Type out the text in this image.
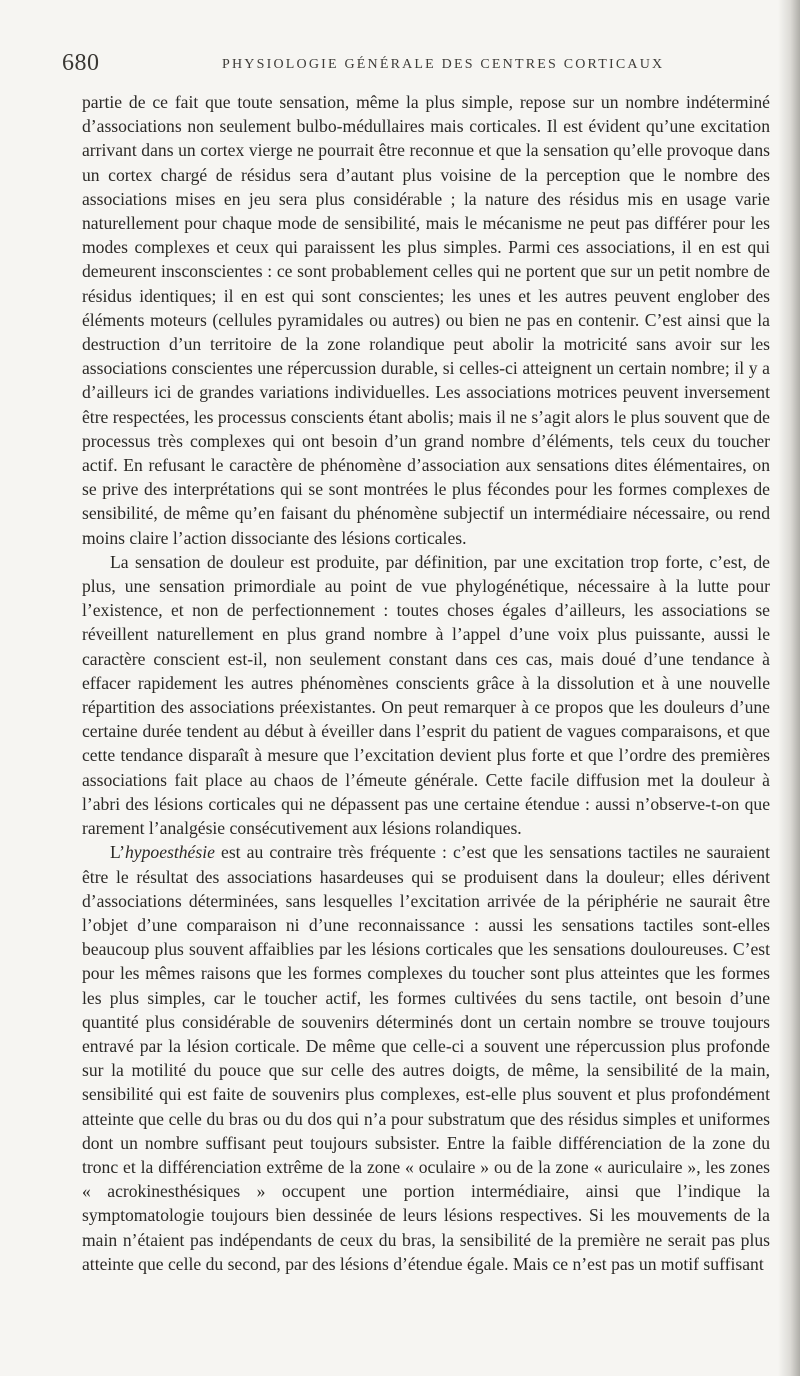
680	PHYSIOLOGIE GÉNÉRALE DES CENTRES CORTICAUX

partie de ce fait que toute sensation, même la plus simple, repose sur un nombre indéterminé d’associations non seulement bulbo-médullaires mais corticales. Il est évident qu’une excitation arrivant dans un cortex vierge ne pourrait être reconnue et que la sensation qu’elle provoque dans un cortex chargé de résidus sera d’autant plus voisine de la perception que le nombre des associations mises en jeu sera plus considérable ; la nature des résidus mis en usage varie naturellement pour chaque mode de sensibilité, mais le mécanisme ne peut pas différer pour les modes complexes et ceux qui paraissent les plus simples. Parmi ces associations, il en est qui demeurent insconscientes : ce sont probablement celles qui ne portent que sur un petit nombre de résidus identiques; il en est qui sont conscientes; les unes et les autres peuvent englober des éléments moteurs (cellules pyramidales ou autres) ou bien ne pas en contenir. C’est ainsi que la destruction d’un territoire de la zone rolandique peut abolir la motricité sans avoir sur les associations conscientes une répercussion durable, si celles-ci atteignent un certain nombre; il y a d’ailleurs ici de grandes variations individuelles. Les associations motrices peuvent inversement être respectées, les processus conscients étant abolis; mais il ne s’agit alors le plus souvent que de processus très complexes qui ont besoin d’un grand nombre d’éléments, tels ceux du toucher actif. En refusant le caractère de phénomène d’association aux sensations dites élémentaires, on se prive des interprétations qui se sont montrées le plus fécondes pour les formes complexes de sensibilité, de même qu’en faisant du phénomène subjectif un intermédiaire nécessaire, ou rend moins claire l’action dissociante des lésions corticales.

La sensation de douleur est produite, par définition, par une excitation trop forte, c’est, de plus, une sensation primordiale au point de vue phylogénétique, nécessaire à la lutte pour l’existence, et non de perfectionnement : toutes choses égales d’ailleurs, les associations se réveillent naturellement en plus grand nombre à l’appel d’une voix plus puissante, aussi le caractère conscient est-il, non seulement constant dans ces cas, mais doué d’une tendance à effacer rapidement les autres phénomènes conscients grâce à la dissolution et à une nouvelle répartition des associations préexistantes. On peut remarquer à ce propos que les douleurs d’une certaine durée tendent au début à éveiller dans l’esprit du patient de vagues comparaisons, et que cette tendance disparaît à mesure que l’excitation devient plus forte et que l’ordre des premières associations fait place au chaos de l’émeute générale. Cette facile diffusion met la douleur à l’abri des lésions corticales qui ne dépassent pas une certaine étendue : aussi n’observe-t-on que rarement l’analgésie consécutivement aux lésions rolandiques.

L’hypoesthésie est au contraire très fréquente : c’est que les sensations tactiles ne sauraient être le résultat des associations hasardeuses qui se produisent dans la douleur; elles dérivent d’associations déterminées, sans lesquelles l’excitation arrivée de la périphérie ne saurait être l’objet d’une comparaison ni d’une reconnaissance : aussi les sensations tactiles sont-elles beaucoup plus souvent affaiblies par les lésions corticales que les sensations douloureuses. C’est pour les mêmes raisons que les formes complexes du toucher sont plus atteintes que les formes les plus simples, car le toucher actif, les formes cultivées du sens tactile, ont besoin d’une quantité plus considérable de souvenirs déterminés dont un certain nombre se trouve toujours entravé par la lésion corticale. De même que celle-ci a souvent une répercussion plus profonde sur la motilité du pouce que sur celle des autres doigts, de même, la sensibilité de la main, sensibilité qui est faite de souvenirs plus complexes, est-elle plus souvent et plus profondément atteinte que celle du bras ou du dos qui n’a pour substratum que des résidus simples et uniformes dont un nombre suffisant peut toujours subsister. Entre la faible différenciation de la zone du tronc et la différenciation extrême de la zone « oculaire » ou de la zone « auriculaire », les zones « acrokinesthésiques » occupent une portion intermédiaire, ainsi que l’indique la symptomatologie toujours bien dessinée de leurs lésions respectives. Si les mouvements de la main n’étaient pas indépendants de ceux du bras, la sensibilité de la première ne serait pas plus atteinte que celle du second, par des lésions d’étendue égale. Mais ce n’est pas un motif suffisant
